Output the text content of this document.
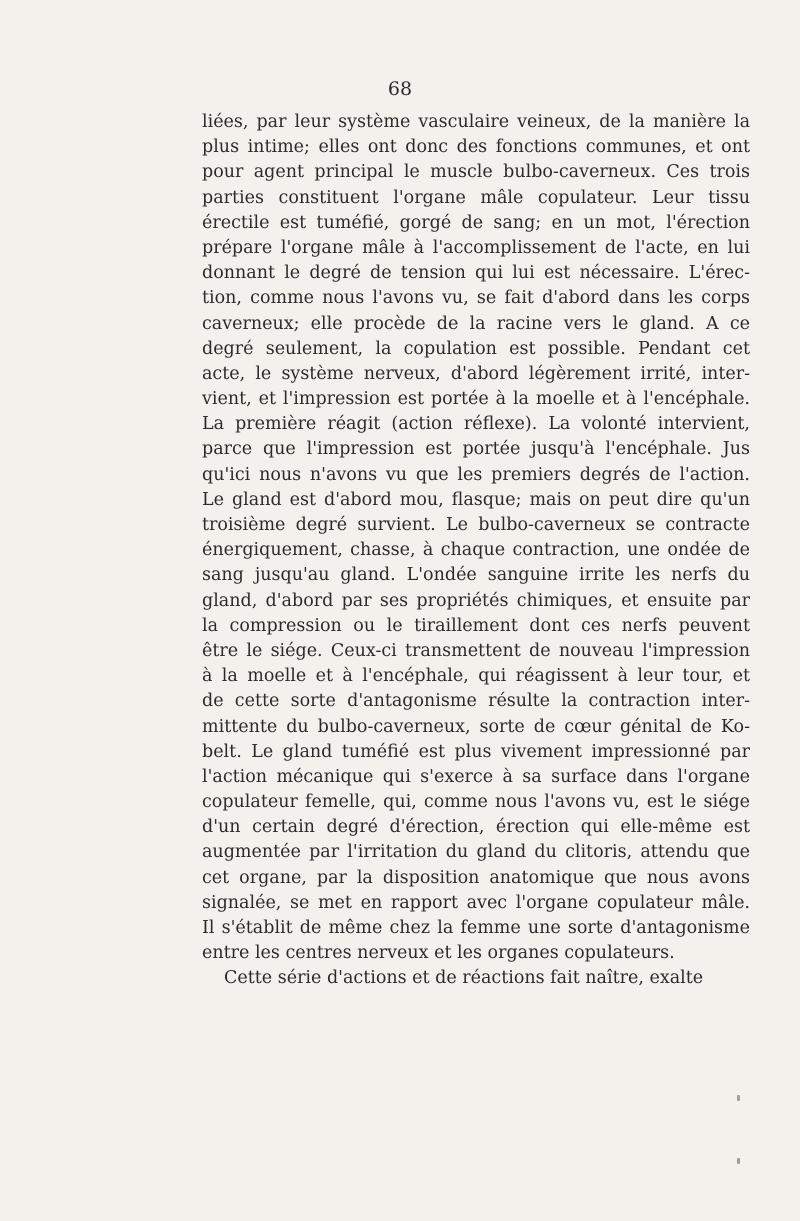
68
liées, par leur système vasculaire veineux, de la manière la
plus intime; elles ont donc des fonctions communes, et ont
pour agent principal le muscle bulbo-caverneux. Ces trois
parties constituent l'organe mâle copulateur. Leur tissu
érectile est tuméfié, gorgé de sang; en un mot, l'érection
prépare l'organe mâle à l'accomplissement de l'acte, en lui
donnant le degré de tension qui lui est nécessaire. L'érec-
tion, comme nous l'avons vu, se fait d'abord dans les corps
caverneux; elle procède de la racine vers le gland. A ce
degré seulement, la copulation est possible. Pendant cet
acte, le système nerveux, d'abord légèrement irrité, inter-
vient, et l'impression est portée à la moelle et à l'encéphale.
La première réagit (action réflexe). La volonté intervient,
parce que l'impression est portée jusqu'à l'encéphale. Jus
qu'ici nous n'avons vu que les premiers degrés de l'action.
Le gland est d'abord mou, flasque; mais on peut dire qu'un
troisième degré survient. Le bulbo-caverneux se contracte
énergiquement, chasse, à chaque contraction, une ondée de
sang jusqu'au gland. L'ondée sanguine irrite les nerfs du
gland, d'abord par ses propriétés chimiques, et ensuite par
la compression ou le tiraillement dont ces nerfs peuvent
être le siége. Ceux-ci transmettent de nouveau l'impression
à la moelle et à l'encéphale, qui réagissent à leur tour, et
de cette sorte d'antagonisme résulte la contraction inter-
mittente du bulbo-caverneux, sorte de cœur génital de Ko-
belt. Le gland tuméfié est plus vivement impressionné par
l'action mécanique qui s'exerce à sa surface dans l'organe
copulateur femelle, qui, comme nous l'avons vu, est le siége
d'un certain degré d'érection, érection qui elle-même est
augmentée par l'irritation du gland du clitoris, attendu que
cet organe, par la disposition anatomique que nous avons
signalée, se met en rapport avec l'organe copulateur mâle.
Il s'établit de même chez la femme une sorte d'antagonisme
entre les centres nerveux et les organes copulateurs.
Cette série d'actions et de réactions fait naître, exalte
